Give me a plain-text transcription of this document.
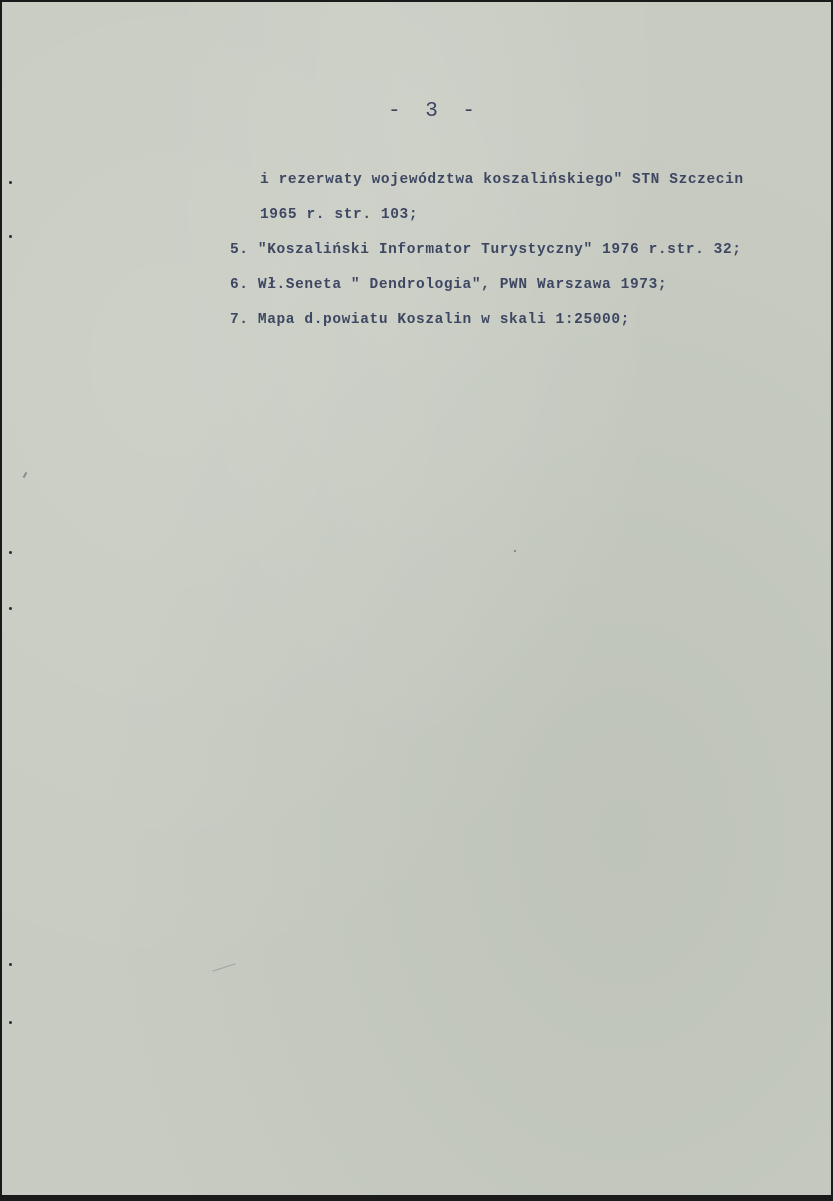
- 3 -
i rezerwaty województwa koszalińskiego" STN Szczecin
1965 r. str. 103;
5. "Koszaliński Informator Turystyczny" 1976 r.str. 32;
6. Wł.Seneta " Dendrologia", PWN Warszawa 1973;
7. Mapa d.powiatu Koszalin w skali 1:25000;
